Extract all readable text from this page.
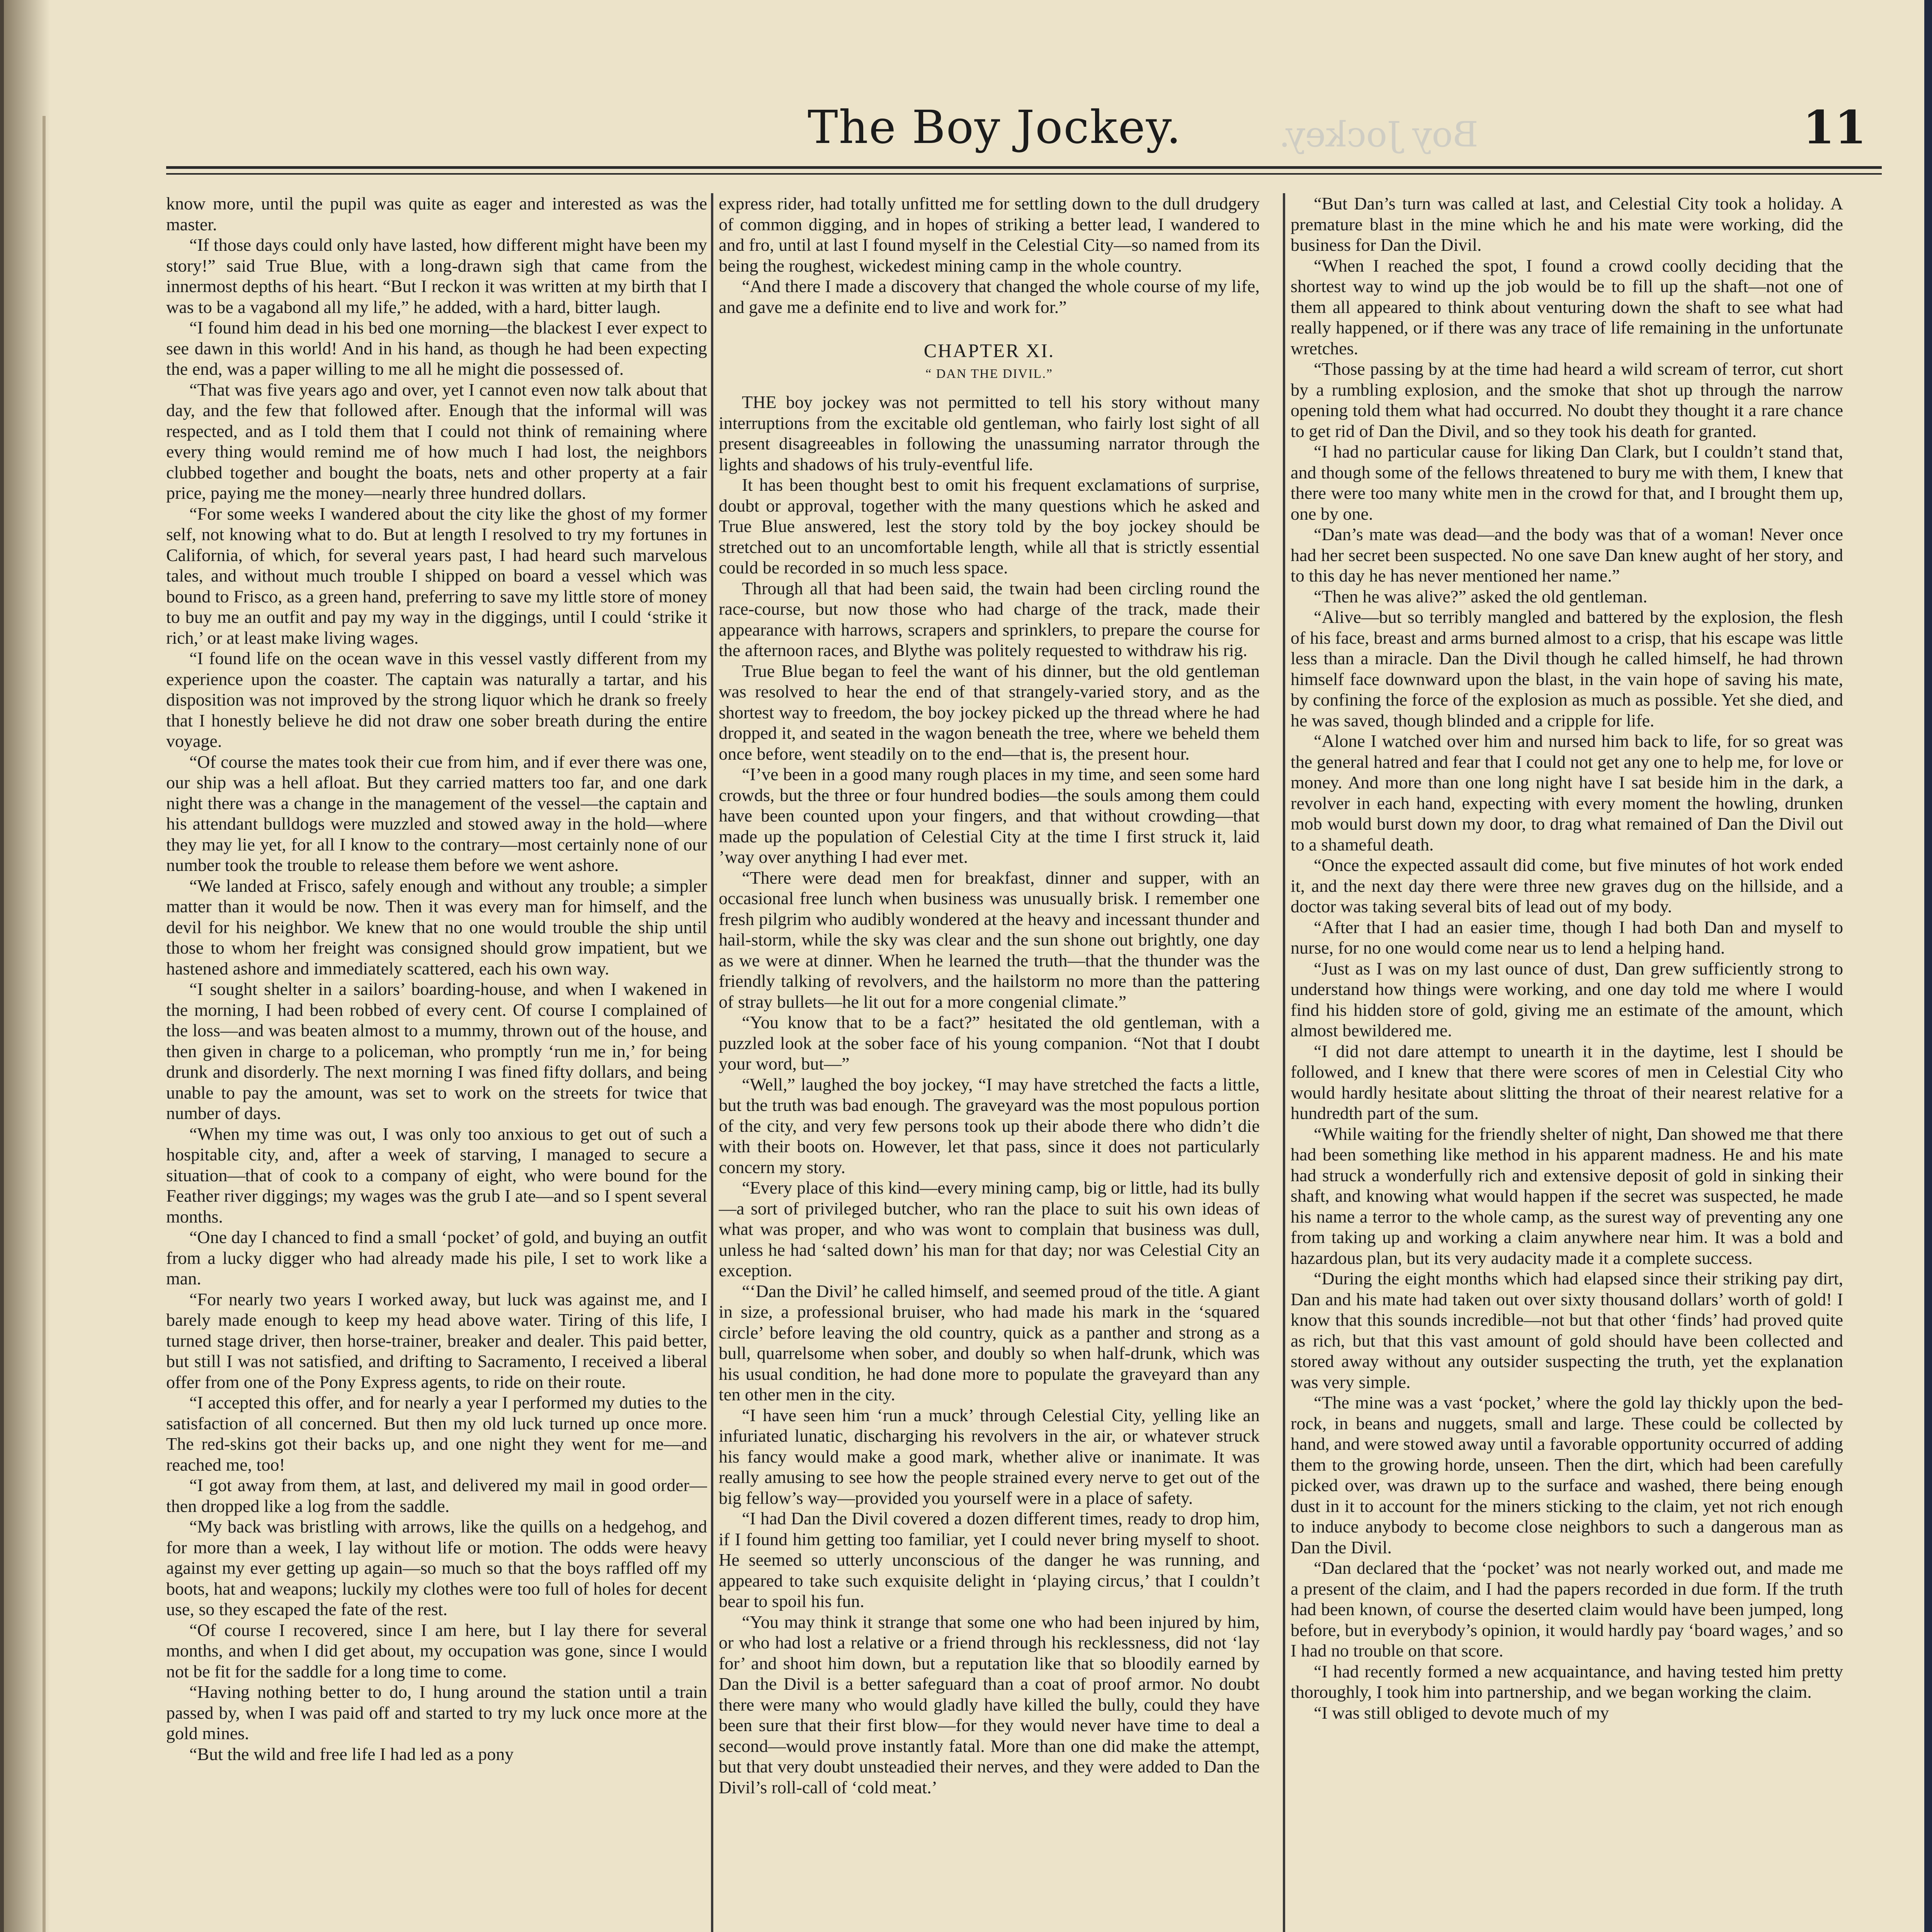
Boy Jockey.
The Boy Jockey.	11

know more, until the pupil was quite as eager and interested as was the master.

“If those days could only have lasted, how different might have been my story!” said True Blue, with a long-drawn sigh that came from the innermost depths of his heart. “But I reckon it was written at my birth that I was to be a vagabond all my life,” he added, with a hard, bitter laugh.

“I found him dead in his bed one morning—the blackest I ever expect to see dawn in this world! And in his hand, as though he had been expecting the end, was a paper willing to me all he might die possessed of.

“That was five years ago and over, yet I cannot even now talk about that day, and the few that followed after. Enough that the informal will was respected, and as I told them that I could not think of remaining where every thing would remind me of how much I had lost, the neighbors clubbed together and bought the boats, nets and other property at a fair price, paying me the money—nearly three hundred dollars.

“For some weeks I wandered about the city like the ghost of my former self, not knowing what to do. But at length I resolved to try my fortunes in California, of which, for several years past, I had heard such marvelous tales, and without much trouble I shipped on board a vessel which was bound to Frisco, as a green hand, preferring to save my little store of money to buy me an outfit and pay my way in the diggings, until I could ‘strike it rich,’ or at least make living wages.

“I found life on the ocean wave in this vessel vastly different from my experience upon the coaster. The captain was naturally a tartar, and his disposition was not improved by the strong liquor which he drank so freely that I honestly believe he did not draw one sober breath during the entire voyage.

“Of course the mates took their cue from him, and if ever there was one, our ship was a hell afloat. But they carried matters too far, and one dark night there was a change in the management of the vessel—the captain and his attendant bulldogs were muzzled and stowed away in the hold—where they may lie yet, for all I know to the contrary—most certainly none of our number took the trouble to release them before we went ashore.

“We landed at Frisco, safely enough and without any trouble; a simpler matter than it would be now. Then it was every man for himself, and the devil for his neighbor. We knew that no one would trouble the ship until those to whom her freight was consigned should grow impatient, but we hastened ashore and immediately scattered, each his own way.

“I sought shelter in a sailors’ boarding-house, and when I wakened in the morning, I had been robbed of every cent. Of course I complained of the loss—and was beaten almost to a mummy, thrown out of the house, and then given in charge to a policeman, who promptly ‘run me in,’ for being drunk and disorderly. The next morning I was fined fifty dollars, and being unable to pay the amount, was set to work on the streets for twice that number of days.

“When my time was out, I was only too anxious to get out of such a hospitable city, and, after a week of starving, I managed to secure a situation—that of cook to a company of eight, who were bound for the Feather river diggings; my wages was the grub I ate—and so I spent several months.

“One day I chanced to find a small ‘pocket’ of gold, and buying an outfit from a lucky digger who had already made his pile, I set to work like a man.

“For nearly two years I worked away, but luck was against me, and I barely made enough to keep my head above water. Tiring of this life, I turned stage driver, then horse-trainer, breaker and dealer. This paid better, but still I was not satisfied, and drifting to Sacramento, I received a liberal offer from one of the Pony Express agents, to ride on their route.

“I accepted this offer, and for nearly a year I performed my duties to the satisfaction of all concerned. But then my old luck turned up once more. The red-skins got their backs up, and one night they went for me—and reached me, too!

“I got away from them, at last, and delivered my mail in good order—then dropped like a log from the saddle.

“My back was bristling with arrows, like the quills on a hedgehog, and for more than a week, I lay without life or motion. The odds were heavy against my ever getting up again—so much so that the boys raffled off my boots, hat and weapons; luckily my clothes were too full of holes for decent use, so they escaped the fate of the rest.

“Of course I recovered, since I am here, but I lay there for several months, and when I did get about, my occupation was gone, since I would not be fit for the saddle for a long time to come.

“Having nothing better to do, I hung around the station until a train passed by, when I was paid off and started to try my luck once more at the gold mines.

“But the wild and free life I had led as a pony

express rider, had totally unfitted me for settling down to the dull drudgery of common digging, and in hopes of striking a better lead, I wandered to and fro, until at last I found myself in the Celestial City—so named from its being the roughest, wickedest mining camp in the whole country.

“And there I made a discovery that changed the whole course of my life, and gave me a definite end to live and work for.”

CHAPTER XI.
“ DAN THE DIVIL.”

THE boy jockey was not permitted to tell his story without many interruptions from the excitable old gentleman, who fairly lost sight of all present disagreeables in following the unassuming narrator through the lights and shadows of his truly-eventful life.

It has been thought best to omit his frequent exclamations of surprise, doubt or approval, together with the many questions which he asked and True Blue answered, lest the story told by the boy jockey should be stretched out to an uncomfortable length, while all that is strictly essential could be recorded in so much less space.

Through all that had been said, the twain had been circling round the race-course, but now those who had charge of the track, made their appearance with harrows, scrapers and sprinklers, to prepare the course for the afternoon races, and Blythe was politely requested to withdraw his rig.

True Blue began to feel the want of his dinner, but the old gentleman was resolved to hear the end of that strangely-varied story, and as the shortest way to freedom, the boy jockey picked up the thread where he had dropped it, and seated in the wagon beneath the tree, where we beheld them once before, went steadily on to the end—that is, the present hour.

“I’ve been in a good many rough places in my time, and seen some hard crowds, but the three or four hundred bodies—the souls among them could have been counted upon your fingers, and that without crowding—that made up the population of Celestial City at the time I first struck it, laid ’way over anything I had ever met.

“There were dead men for breakfast, dinner and supper, with an occasional free lunch when business was unusually brisk. I remember one fresh pilgrim who audibly wondered at the heavy and incessant thunder and hail-storm, while the sky was clear and the sun shone out brightly, one day as we were at dinner. When he learned the truth—that the thunder was the friendly talking of revolvers, and the hailstorm no more than the pattering of stray bullets—he lit out for a more congenial climate.”

“You know that to be a fact?” hesitated the old gentleman, with a puzzled look at the sober face of his young companion. “Not that I doubt your word, but—”

“Well,” laughed the boy jockey, “I may have stretched the facts a little, but the truth was bad enough. The graveyard was the most populous portion of the city, and very few persons took up their abode there who didn’t die with their boots on. However, let that pass, since it does not particularly concern my story.

“Every place of this kind—every mining camp, big or little, had its bully—a sort of privileged butcher, who ran the place to suit his own ideas of what was proper, and who was wont to complain that business was dull, unless he had ‘salted down’ his man for that day; nor was Celestial City an exception.

“‘Dan the Divil’ he called himself, and seemed proud of the title. A giant in size, a professional bruiser, who had made his mark in the ‘squared circle’ before leaving the old country, quick as a panther and strong as a bull, quarrelsome when sober, and doubly so when half-drunk, which was his usual condition, he had done more to populate the graveyard than any ten other men in the city.

“I have seen him ‘run a muck’ through Celestial City, yelling like an infuriated lunatic, discharging his revolvers in the air, or whatever struck his fancy would make a good mark, whether alive or inanimate. It was really amusing to see how the people strained every nerve to get out of the big fellow’s way—provided you yourself were in a place of safety.

“I had Dan the Divil covered a dozen different times, ready to drop him, if I found him getting too familiar, yet I could never bring myself to shoot. He seemed so utterly unconscious of the danger he was running, and appeared to take such exquisite delight in ‘playing circus,’ that I couldn’t bear to spoil his fun.

“You may think it strange that some one who had been injured by him, or who had lost a relative or a friend through his recklessness, did not ‘lay for’ and shoot him down, but a reputation like that so bloodily earned by Dan the Divil is a better safeguard than a coat of proof armor. No doubt there were many who would gladly have killed the bully, could they have been sure that their first blow—for they would never have time to deal a second—would prove instantly fatal. More than one did make the attempt, but that very doubt unsteadied their nerves, and they were added to Dan the Divil’s roll-call of ‘cold meat.’

“But Dan’s turn was called at last, and Celestial City took a holiday. A premature blast in the mine which he and his mate were working, did the business for Dan the Divil.

“When I reached the spot, I found a crowd coolly deciding that the shortest way to wind up the job would be to fill up the shaft—not one of them all appeared to think about venturing down the shaft to see what had really happened, or if there was any trace of life remaining in the unfortunate wretches.

“Those passing by at the time had heard a wild scream of terror, cut short by a rumbling explosion, and the smoke that shot up through the narrow opening told them what had occurred. No doubt they thought it a rare chance to get rid of Dan the Divil, and so they took his death for granted.

“I had no particular cause for liking Dan Clark, but I couldn’t stand that, and though some of the fellows threatened to bury me with them, I knew that there were too many white men in the crowd for that, and I brought them up, one by one.

“Dan’s mate was dead—and the body was that of a woman! Never once had her secret been suspected. No one save Dan knew aught of her story, and to this day he has never mentioned her name.”

“Then he was alive?” asked the old gentleman.

“Alive—but so terribly mangled and battered by the explosion, the flesh of his face, breast and arms burned almost to a crisp, that his escape was little less than a miracle. Dan the Divil though he called himself, he had thrown himself face downward upon the blast, in the vain hope of saving his mate, by confining the force of the explosion as much as possible. Yet she died, and he was saved, though blinded and a cripple for life.

“Alone I watched over him and nursed him back to life, for so great was the general hatred and fear that I could not get any one to help me, for love or money. And more than one long night have I sat beside him in the dark, a revolver in each hand, expecting with every moment the howling, drunken mob would burst down my door, to drag what remained of Dan the Divil out to a shameful death.

“Once the expected assault did come, but five minutes of hot work ended it, and the next day there were three new graves dug on the hillside, and a doctor was taking several bits of lead out of my body.

“After that I had an easier time, though I had both Dan and myself to nurse, for no one would come near us to lend a helping hand.

“Just as I was on my last ounce of dust, Dan grew sufficiently strong to understand how things were working, and one day told me where I would find his hidden store of gold, giving me an estimate of the amount, which almost bewildered me.

“I did not dare attempt to unearth it in the daytime, lest I should be followed, and I knew that there were scores of men in Celestial City who would hardly hesitate about slitting the throat of their nearest relative for a hundredth part of the sum.

“While waiting for the friendly shelter of night, Dan showed me that there had been something like method in his apparent madness. He and his mate had struck a wonderfully rich and extensive deposit of gold in sinking their shaft, and knowing what would happen if the secret was suspected, he made his name a terror to the whole camp, as the surest way of preventing any one from taking up and working a claim anywhere near him. It was a bold and hazardous plan, but its very audacity made it a complete success.

“During the eight months which had elapsed since their striking pay dirt, Dan and his mate had taken out over sixty thousand dollars’ worth of gold! I know that this sounds incredible—not but that other ‘finds’ had proved quite as rich, but that this vast amount of gold should have been collected and stored away without any outsider suspecting the truth, yet the explanation was very simple.

“The mine was a vast ‘pocket,’ where the gold lay thickly upon the bed-rock, in beans and nuggets, small and large. These could be collected by hand, and were stowed away until a favorable opportunity occurred of adding them to the growing horde, unseen. Then the dirt, which had been carefully picked over, was drawn up to the surface and washed, there being enough dust in it to account for the miners sticking to the claim, yet not rich enough to induce anybody to become close neighbors to such a dangerous man as Dan the Divil.

“Dan declared that the ‘pocket’ was not nearly worked out, and made me a present of the claim, and I had the papers recorded in due form. If the truth had been known, of course the deserted claim would have been jumped, long before, but in everybody’s opinion, it would hardly pay ‘board wages,’ and so I had no trouble on that score.

“I had recently formed a new acquaintance, and having tested him pretty thoroughly, I took him into partnership, and we began working the claim.

“I was still obliged to devote much of my
